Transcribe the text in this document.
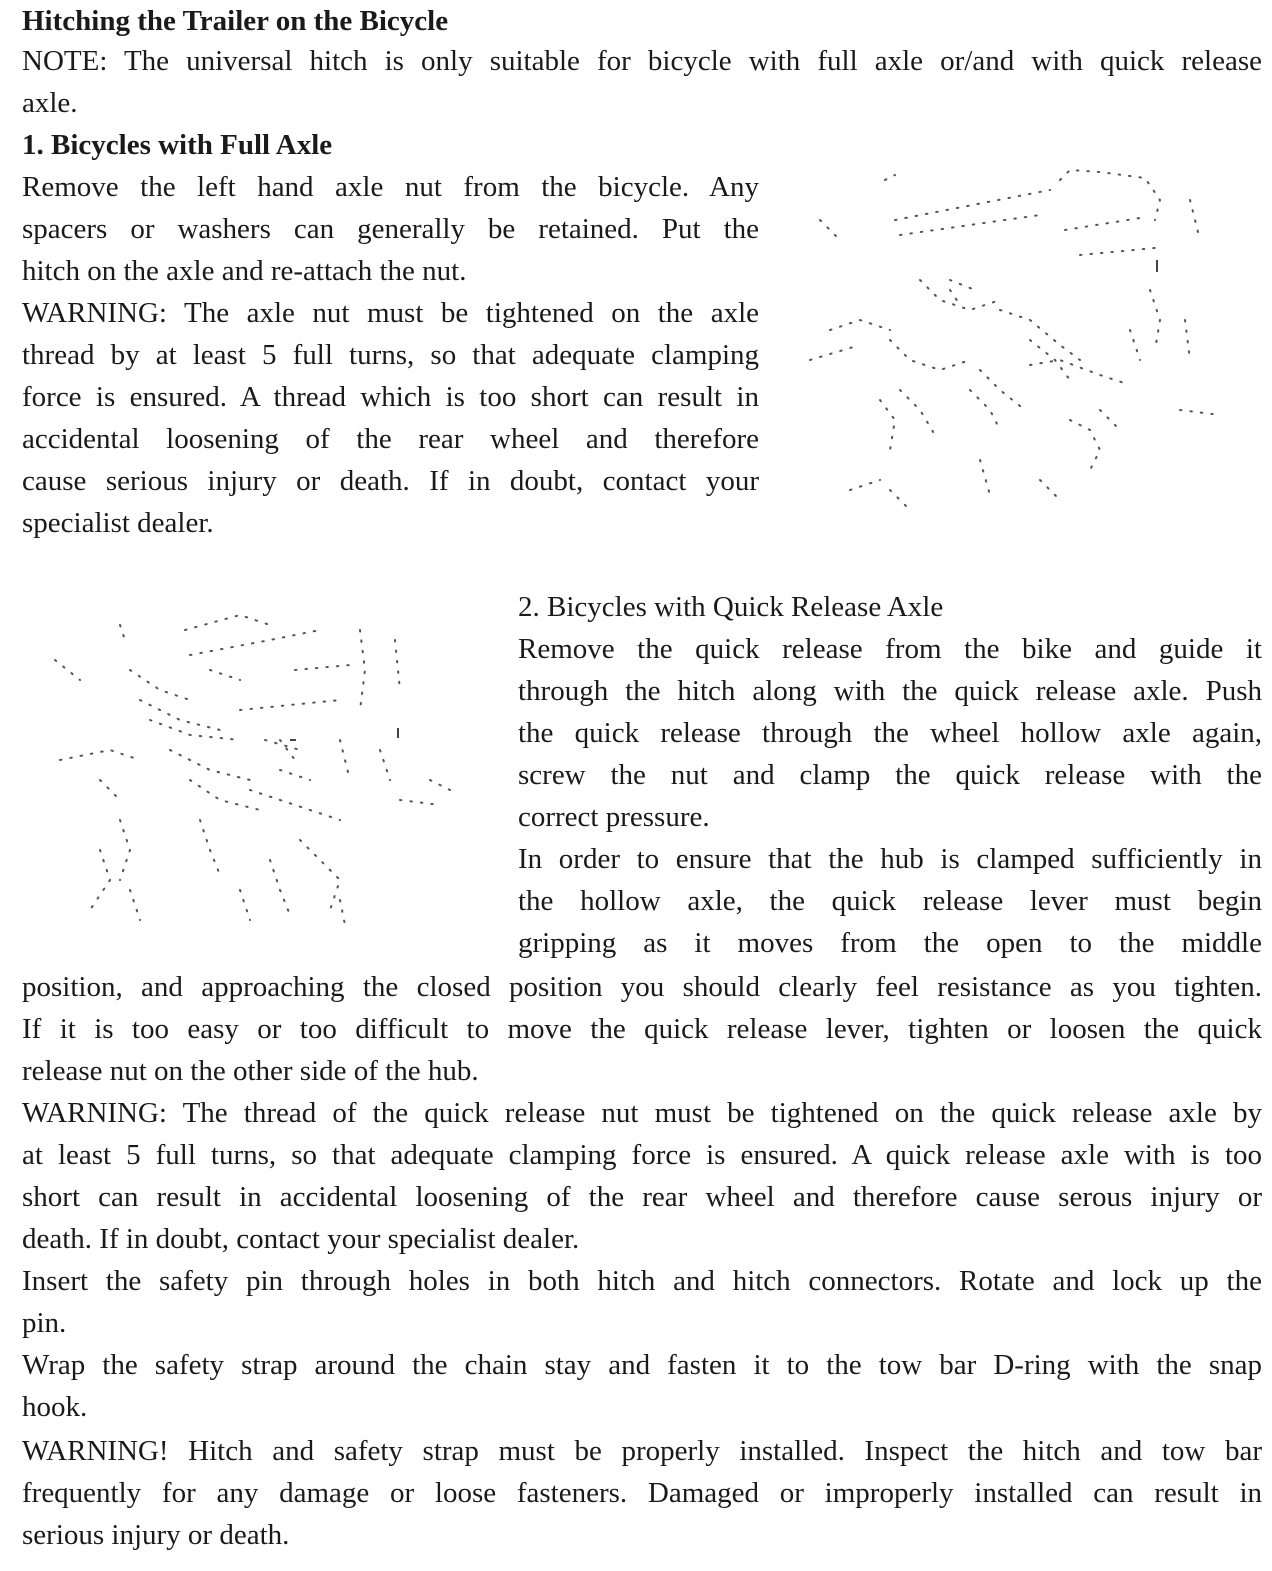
Hitching the Trailer on the Bicycle
NOTE: The universal hitch is only suitable for bicycle with full axle or/and with quick release
axle.
1. Bicycles with Full Axle
Remove the left hand axle nut from the bicycle. Any
spacers or washers can generally be retained. Put the
hitch on the axle and re-attach the nut.
WARNING: The axle nut must be tightened on the axle
thread by at least 5 full turns, so that adequate clamping
force is ensured. A thread which is too short can result in
accidental loosening of the rear wheel and therefore
cause serious injury or death. If in doubt, contact your
specialist dealer.
2. Bicycles with Quick Release Axle
Remove the quick release from the bike and guide it
through the hitch along with the quick release axle. Push
the quick release through the wheel hollow axle again,
screw the nut and clamp the quick release with the
correct pressure.
In order to ensure that the hub is clamped sufficiently in
the hollow axle, the quick release lever must begin
gripping as it moves from the open to the middle
position, and approaching the closed position you should clearly feel resistance as you tighten.
If it is too easy or too difficult to move the quick release lever, tighten or loosen the quick
release nut on the other side of the hub.
WARNING: The thread of the quick release nut must be tightened on the quick release axle by
at least 5 full turns, so that adequate clamping force is ensured. A quick release axle with is too
short can result in accidental loosening of the rear wheel and therefore cause serous injury or
death. If in doubt, contact your specialist dealer.
Insert the safety pin through holes in both hitch and hitch connectors. Rotate and lock up the
pin.
Wrap the safety strap around the chain stay and fasten it to the tow bar D-ring with the snap
hook.
WARNING! Hitch and safety strap must be properly installed. Inspect the hitch and tow bar
frequently for any damage or loose fasteners. Damaged or improperly installed can result in
serious injury or death.
